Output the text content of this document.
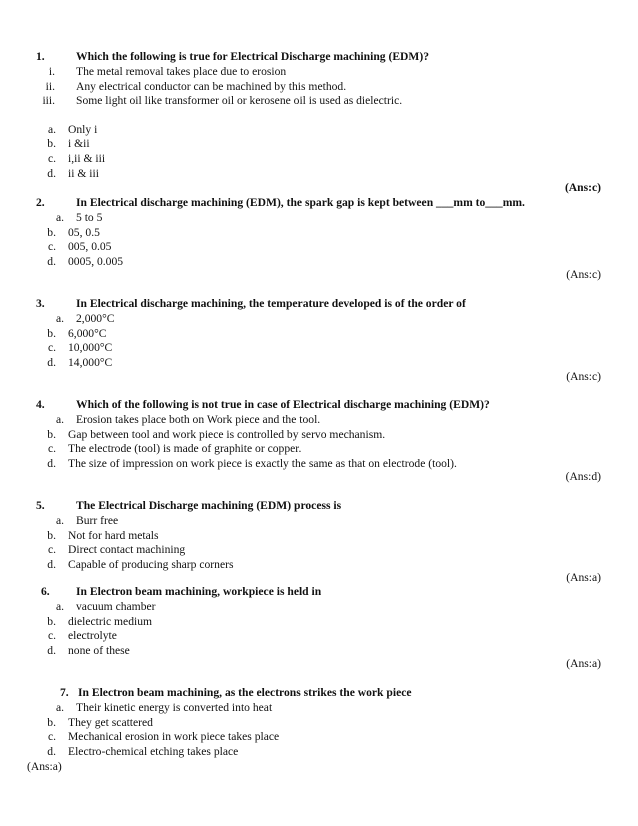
1.	Which the following is true for Electrical Discharge machining (EDM)?
i. The metal removal takes place due to erosion
ii. Any electrical conductor can be machined by this method.
iii. Some light oil like transformer oil or kerosene oil is used as dielectric.
a. Only i
b. i &ii
c. i,ii & iii
d. ii & iii
(Ans:c)
2.	In Electrical discharge machining (EDM), the spark gap is kept between ___mm to___mm.
a. 5 to 5
b. 05, 0.5
c. 005, 0.05
d. 0005, 0.005
(Ans:c)
3.	In Electrical discharge machining, the temperature developed is of the order of
a. 2,000°C
b. 6,000°C
c. 10,000°C
d. 14,000°C
(Ans:c)
4.	Which of the following is not true in case of Electrical discharge machining (EDM)?
a. Erosion takes place both on Work piece and the tool.
b. Gap between tool and work piece is controlled by servo mechanism.
c. The electrode (tool) is made of graphite or copper.
d. The size of impression on work piece is exactly the same as that on electrode (tool).
(Ans:d)
5.	The Electrical Discharge machining (EDM) process is
a. Burr free
b. Not for hard metals
c. Direct contact machining
d. Capable of producing sharp corners
(Ans:a)
6. In Electron beam machining, workpiece is held in
a. vacuum chamber
b. dielectric medium
c. electrolyte
d. none of these
(Ans:a)
7. In Electron beam machining, as the electrons strikes the work piece
a. Their kinetic energy is converted into heat
b. They get scattered
c. Mechanical erosion in work piece takes place
d. Electro-chemical etching takes place
(Ans:a)
